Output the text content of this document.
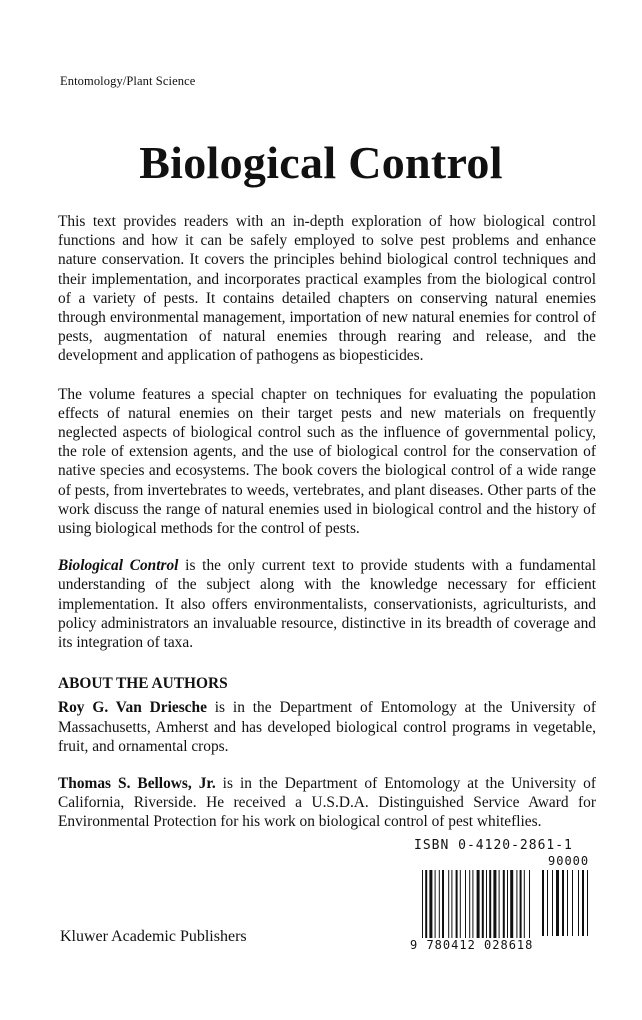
Entomology/Plant Science
Biological Control

This text provides readers with an in-depth exploration of how biological control functions and how it can be safely employed to solve pest problems and enhance nature conservation. It covers the principles behind biological control techniques and their implementation, and incorporates practical examples from the biological control of a variety of pests. It contains detailed chapters on conserving natural enemies through environmental management, importation of new natural enemies for control of pests, augmentation of natural enemies through rearing and release, and the development and application of pathogens as biopesticides.

The volume features a special chapter on techniques for evaluating the population effects of natural enemies on their target pests and new materials on frequently neglected aspects of biological control such as the influence of governmental policy, the role of extension agents, and the use of biological control for the conservation of native species and ecosystems. The book covers the biological control of a wide range of pests, from invertebrates to weeds, vertebrates, and plant diseases. Other parts of the work discuss the range of natural enemies used in biological control and the history of using biological methods for the control of pests.

Biological Control is the only current text to provide students with a fundamental understanding of the subject along with the knowledge necessary for efficient implementation. It also offers environmentalists, conservationists, agriculturists, and policy administrators an invaluable resource, distinctive in its breadth of coverage and its integration of taxa.

ABOUT THE AUTHORS

Roy G. Van Driesche is in the Department of Entomology at the University of Massachusetts, Amherst and has developed biological control programs in vegetable, fruit, and ornamental crops.

Thomas S. Bellows, Jr. is in the Department of Entomology at the University of California, Riverside. He received a U.S.D.A. Distinguished Service Award for Environmental Protection for his work on biological control of pest whiteflies.

Kluwer Academic Publishers
ISBN 0-4120-2861-1
90000
9 780412 028618
